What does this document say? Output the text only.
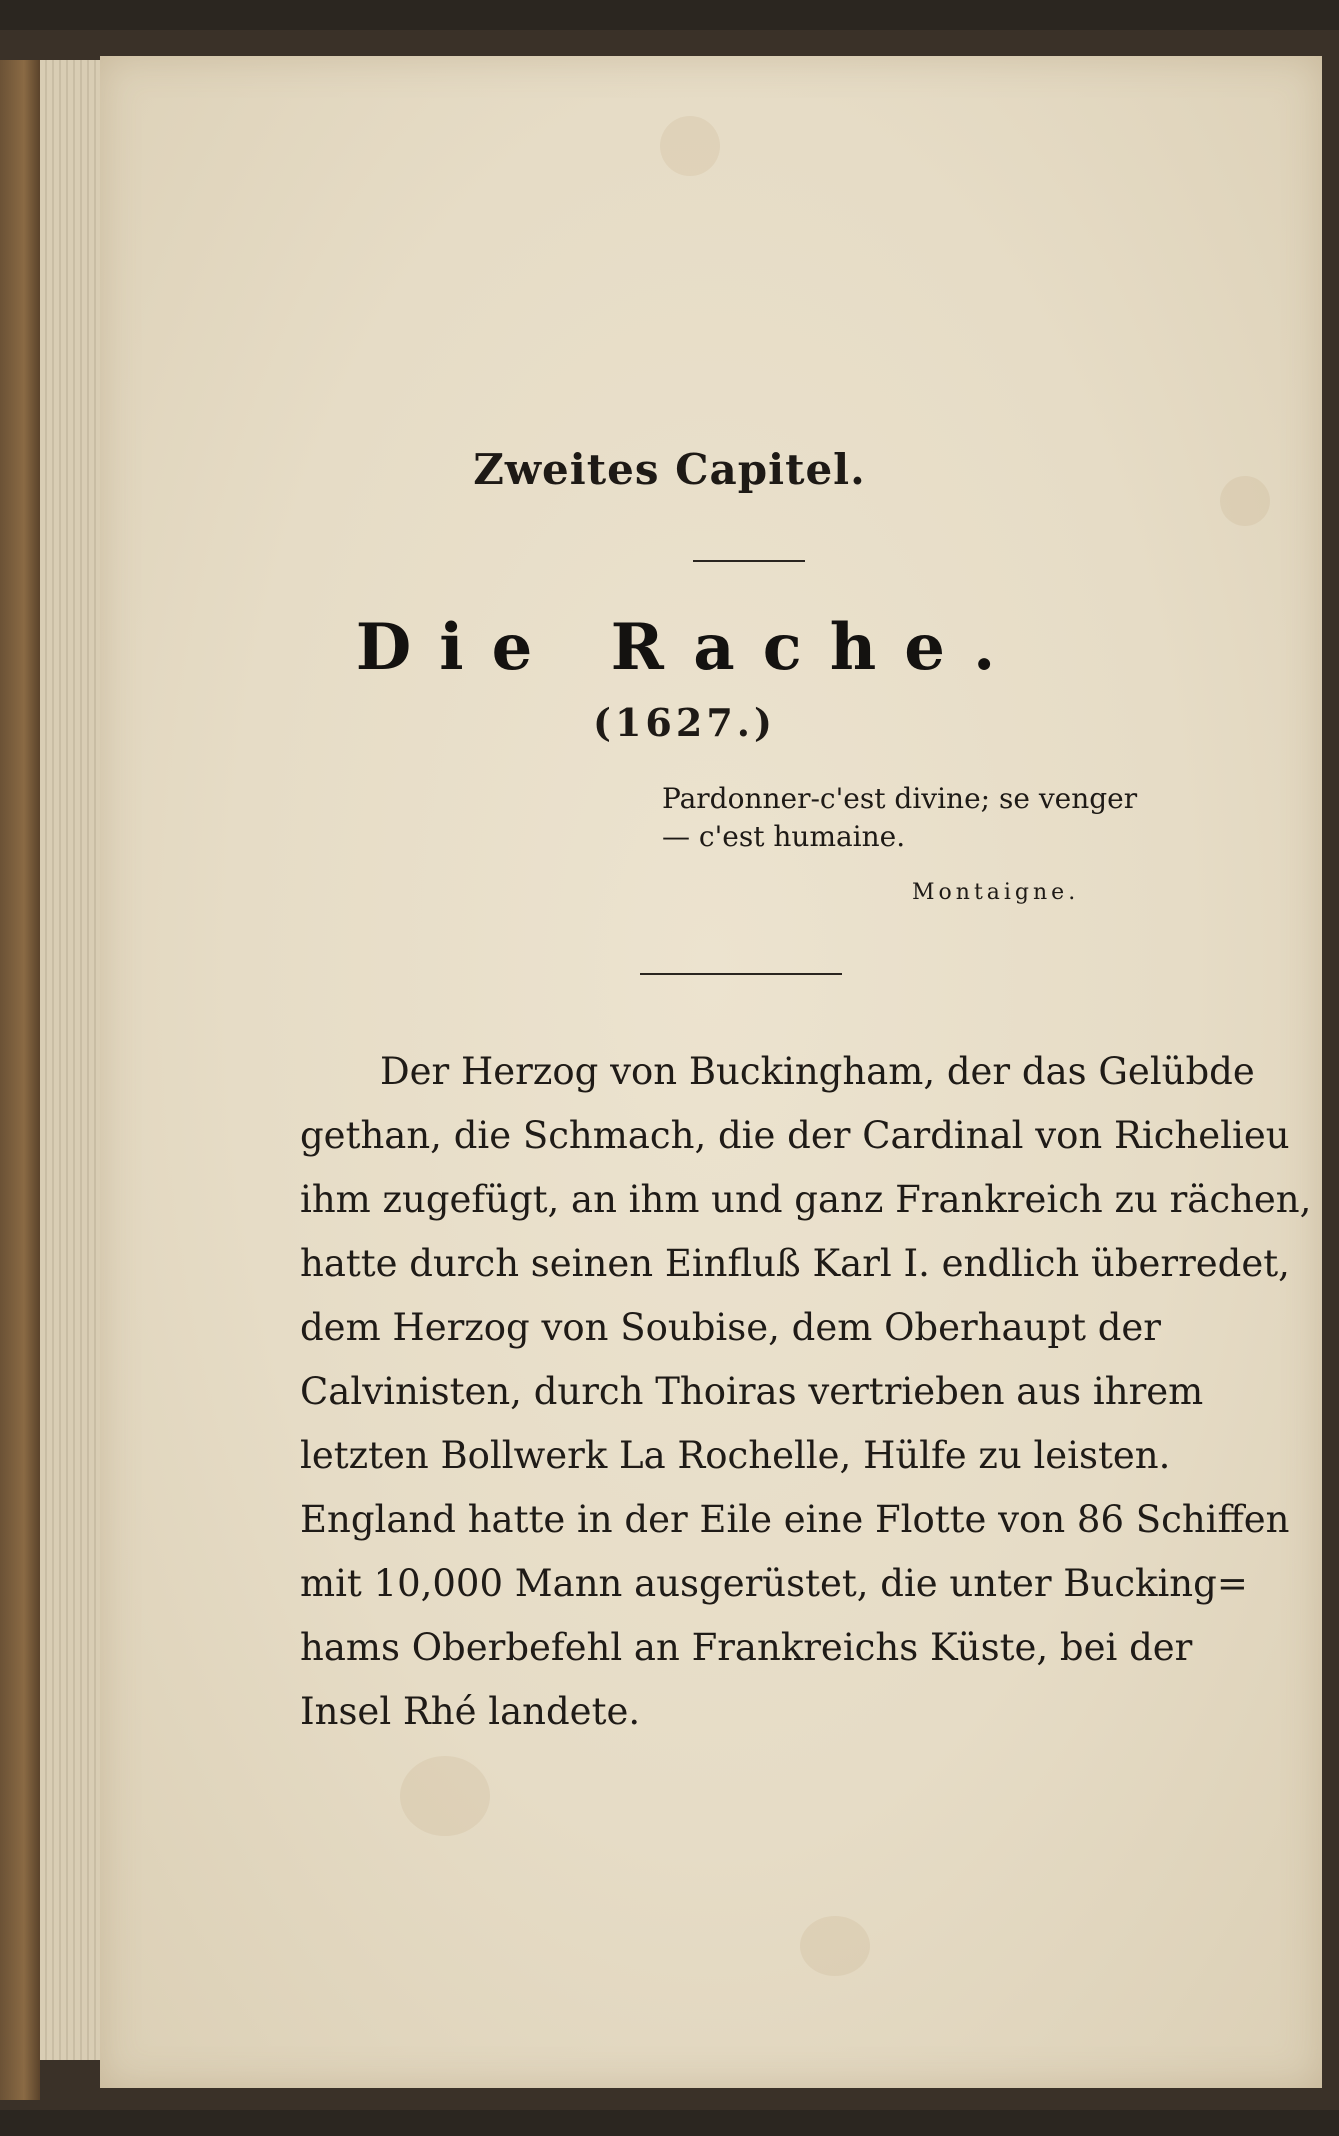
Zweites Capitel.
Die Rache.
(1627.)
Pardonner-c'est divine; se venger
— c'est humaine.
Montaigne.
Der Herzog von Buckingham, der das Gelübde
gethan, die Schmach, die der Cardinal von Richelieu
ihm zugefügt, an ihm und ganz Frankreich zu rächen,
hatte durch seinen Einfluß Karl I. endlich überredet,
dem Herzog von Soubise, dem Oberhaupt der
Calvinisten, durch Thoiras vertrieben aus ihrem
letzten Bollwerk La Rochelle, Hülfe zu leisten.
England hatte in der Eile eine Flotte von 86 Schiffen
mit 10,000 Mann ausgerüstet, die unter Bucking=
hams Oberbefehl an Frankreichs Küste, bei der
Insel Rhé landete.
